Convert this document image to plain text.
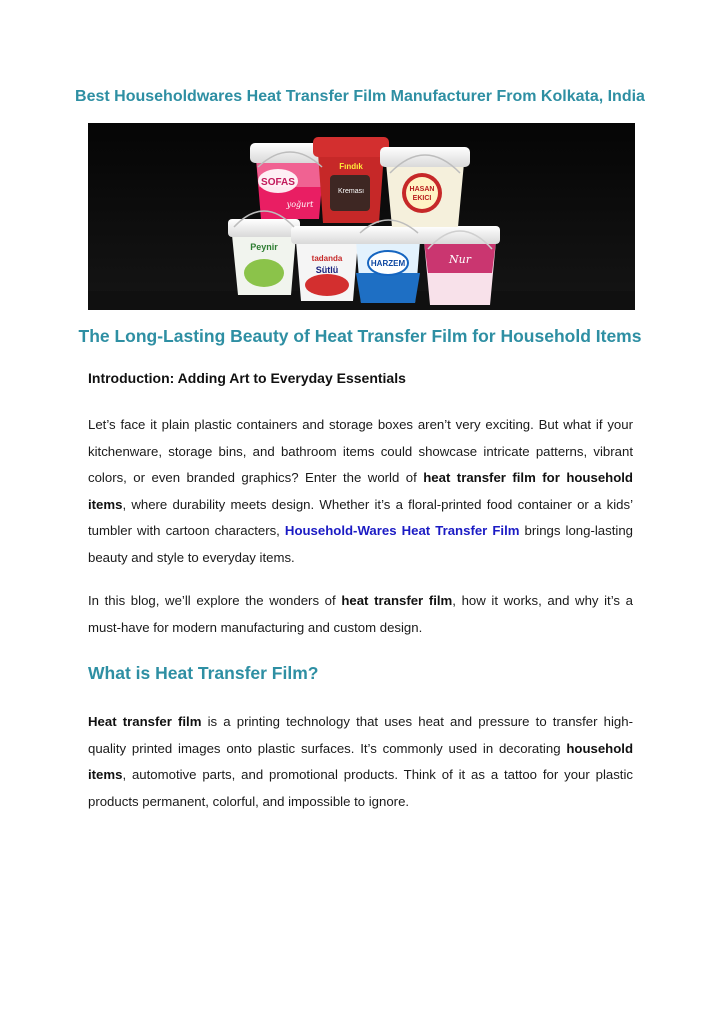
Best Householdwares Heat Transfer Film Manufacturer From Kolkata, India
Peynir
tadanda
Sütlü
HARZEM	Nur
SOFAS
yoğurt
Fındık
Kreması	HASAN
EKICI
The Long-Lasting Beauty of Heat Transfer Film for Household Items
Introduction: Adding Art to Everyday Essentials

Let’s face it plain plastic containers and storage boxes aren’t very exciting. But what if your kitchenware, storage bins, and bathroom items could showcase intricate patterns, vibrant colors, or even branded graphics? Enter the world of heat transfer film for household items, where durability meets design. Whether it’s a floral-printed food container or a kids’ tumbler with cartoon characters, Household-Wares Heat Transfer Film brings long-lasting beauty and style to everyday items.

In this blog, we’ll explore the wonders of heat transfer film, how it works, and why it’s a must-have for modern manufacturing and custom design.

What is Heat Transfer Film?

Heat transfer film is a printing technology that uses heat and pressure to transfer high-quality printed images onto plastic surfaces. It’s commonly used in decorating household items, automotive parts, and promotional products. Think of it as a tattoo for your plastic products permanent, colorful, and impossible to ignore.
